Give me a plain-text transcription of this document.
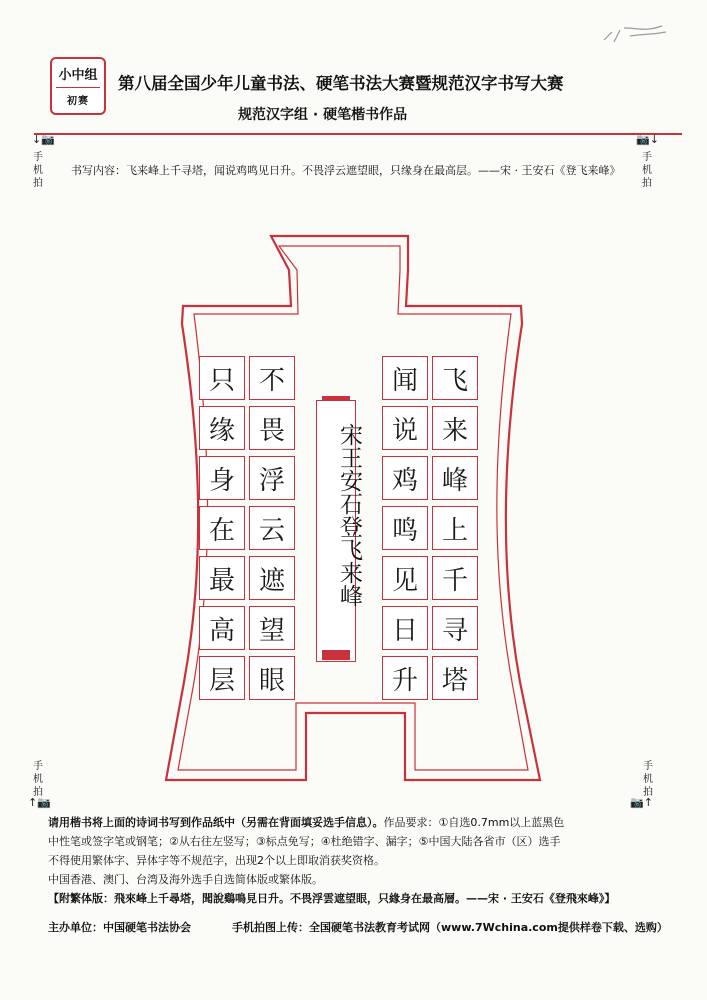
小中组
初赛
第八届全国少年儿童书法、硬笔书法大赛暨规范汉字书写大赛
规范汉字组 · 硬笔楷书作品
↓📷
手机拍
📷↓
手机拍
书写内容：飞来峰上千寻塔，闻说鸡鸣见日升。不畏浮云遮望眼，只缘身在最高层。——宋 · 王安石《登飞来峰》
飞
来
峰
上
千
寻
塔
闻
说
鸡
鸣
见
日
升
宋王安石登飞来峰
不
畏
浮
云
遮
望
眼
只
缘
身
在
最
高
层
手机拍
↑📷
手机拍
📷↑
请用楷书将上面的诗词书写到作品纸中（另需在背面填妥选手信息）。作品要求：①自选0.7mm以上蓝黑色
中性笔或签字笔或钢笔；②从右往左竖写；③标点免写；④杜绝错字、漏字；⑤中国大陆各省市（区）选手
不得使用繁体字、异体字等不规范字，出现2个以上即取消获奖资格。
中国香港、澳门、台湾及海外选手自选简体版或繁体版。
【附繁体版：飛來峰上千尋塔，聞說鷄鳴見日升。不畏浮雲遮望眼，只緣身在最高層。——宋 · 王安石《登飛來峰》】
主办单位：中国硬笔书法协会	手机拍图上传：全国硬笔书法教育考试网（www.7Wchina.com提供样卷下载、选购）
